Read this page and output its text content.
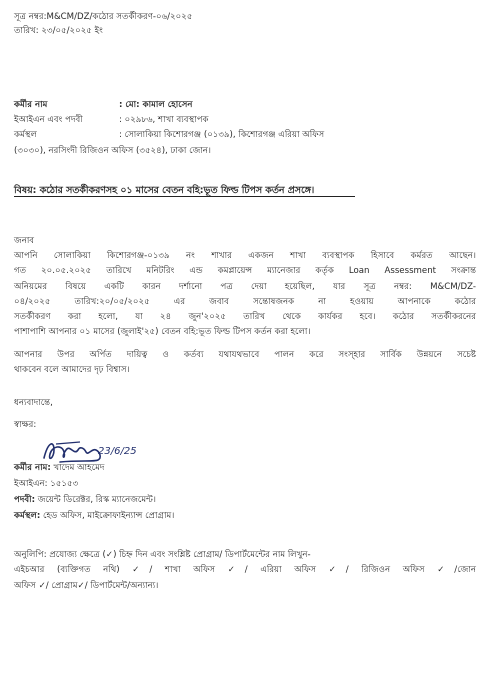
সূত্র নম্বর:M&CM/DZ/কঠোর সতর্কীকরণ-০৬/২০২৫
তারিখ: ২৩/০৫/২০২৫ ইং
কর্মীর নাম	: মো: কামাল হোসেন
ইআইএন এবং পদবী	: ০২৯৮৬, শাখা ব্যবস্থাপক
কর্মস্থল	: সোলাকিয়া কিশোরগঞ্জ (০১৩৯), কিশোরগঞ্জ এরিয়া অফিস
(৩০৩০), নরসিংদী রিজিওন অফিস (৩৫২৪), ঢাকা জোন।
বিষয়: কঠোর সতর্কীকরণসহ ০১ মাসের বেতন বহি:ভূত ফিল্ড টিপস কর্তন প্রসঙ্গে।
জনাব
আপনি সোলাকিয়া কিশোরগঞ্জ-০১৩৯ নং শাখার একজন শাখা ব্যবস্থাপক হিসাবে কর্মরত আছেন।
গত ২০.০৫.২০২৫ তারিখে মনিটরিং এন্ড কমপ্লায়েন্স ম্যানেজার কর্তৃক Loan Assessment সংক্রান্ত
অনিয়মের বিষয়ে একটি কারন দর্শানো পত্র দেয়া হয়েছিল, যার সূত্র নম্বর: M&CM/DZ-
০৪/২০২৫ তারিখ:২০/০৫/২০২৫ এর জবাব সন্তোষজনক না হওয়ায় আপনাকে কঠোর
সতর্কীকরণ করা হলো, যা ২৪ জুন'২০২৫ তারিখ থেকে কার্যকর হবে। কঠোর সতর্কীকরনের
পাশাপাশি আপনার ০১ মাসের (জুলাই'২৫) বেতন বহি:ভূত ফিল্ড টিপস কর্তন করা হলো।
আপনার উপর অর্পিত দায়িত্ব ও কর্তব্য যথাযথভাবে পালন করে সংস্হার সার্বিক উন্নয়নে সচেষ্ট
থাকবেন বলে আমাদের দৃঢ় বিশ্বাস।
ধন্যবাদান্তে,
স্বাক্ষর:
23/6/25
কর্মীর নাম: খাদেম আহমেদ
ইআইএন: ১৫১৫৩
পদবী: জয়েন্ট ডিরেক্টর, রিস্ক ম্যানেজমেন্ট।
কর্মস্থল: হেড অফিস, মাইক্রোফাইন্যান্স প্রোগ্রাম।
অনুলিপি: প্রযোজ্য ক্ষেত্রে (✓) চিহ্ন দিন এবং সংশ্লিষ্ট প্রোগ্রাম/ ডিপার্টমেন্টের নাম লিখুন-
এইচআর (ব্যক্তিগত নথি) ✓/ শাখা অফিস ✓/ এরিয়া অফিস ✓/ রিজিওন অফিস ✓/জোন
অফিস ✓/ প্রোগ্রাম✓/ ডিপার্টমেন্ট/অন্যান্য।
